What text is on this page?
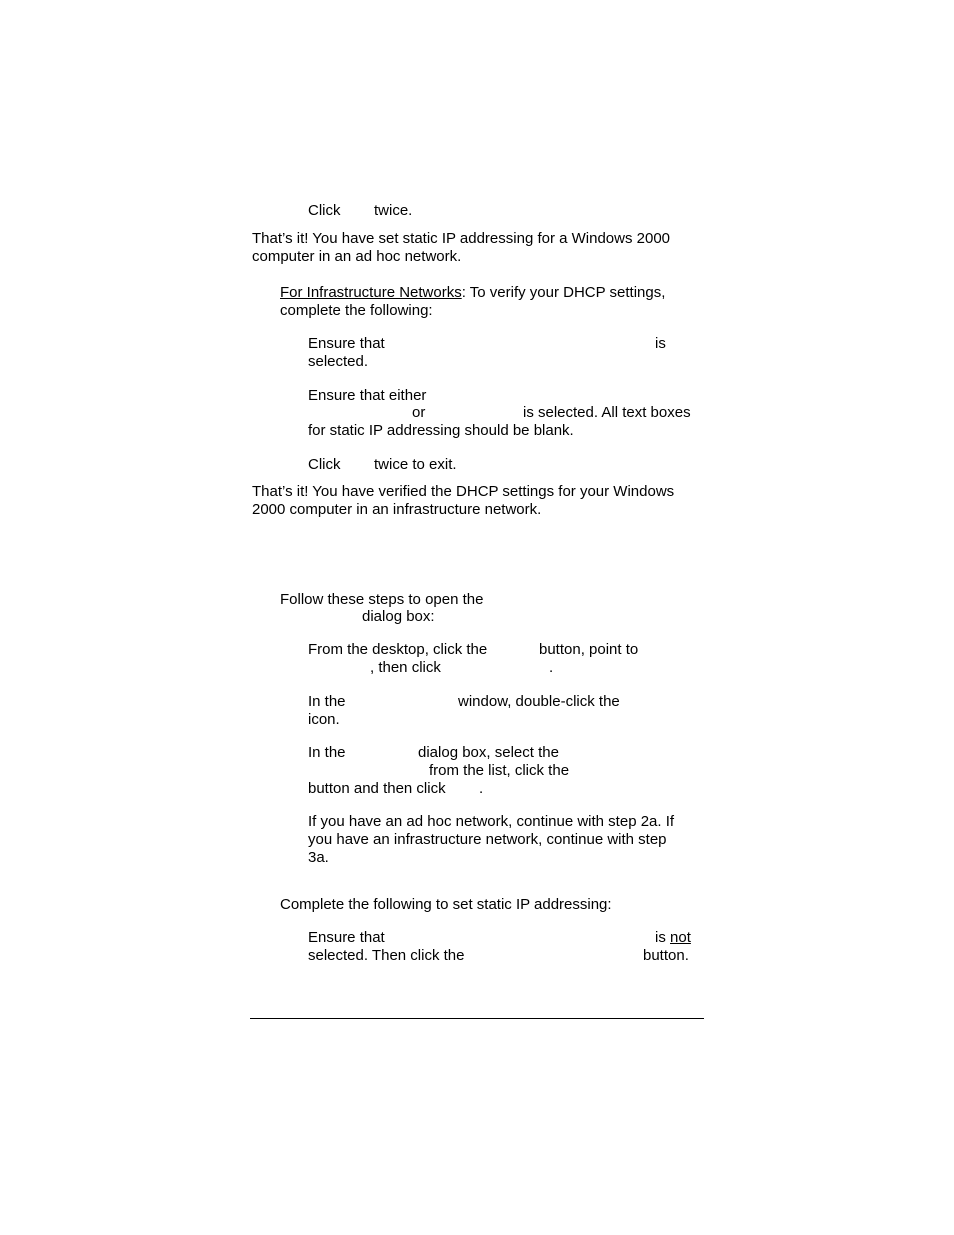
Click twice.
That’s it! You have set static IP addressing for a Windows 2000
computer in an ad hoc network.
For Infrastructure Networks: To verify your DHCP settings,
complete the following:
Ensure that	is
selected.
Ensure that either
or	is selected. All text boxes
for static IP addressing should be blank.
Click twice to exit.
That’s it! You have verified the DHCP settings for your Windows
2000 computer in an infrastructure network.
Follow these steps to open the
dialog box:
From the desktop, click the	button, point to
, then click	.
In the	window, double-click the
icon.
In the	dialog box, select the
from the list, click the
button and then click .
If you have an ad hoc network, continue with step 2a. If
you have an infrastructure network, continue with step
3a.
Complete the following to set static IP addressing:
Ensure that	is not
selected. Then click the	button.
